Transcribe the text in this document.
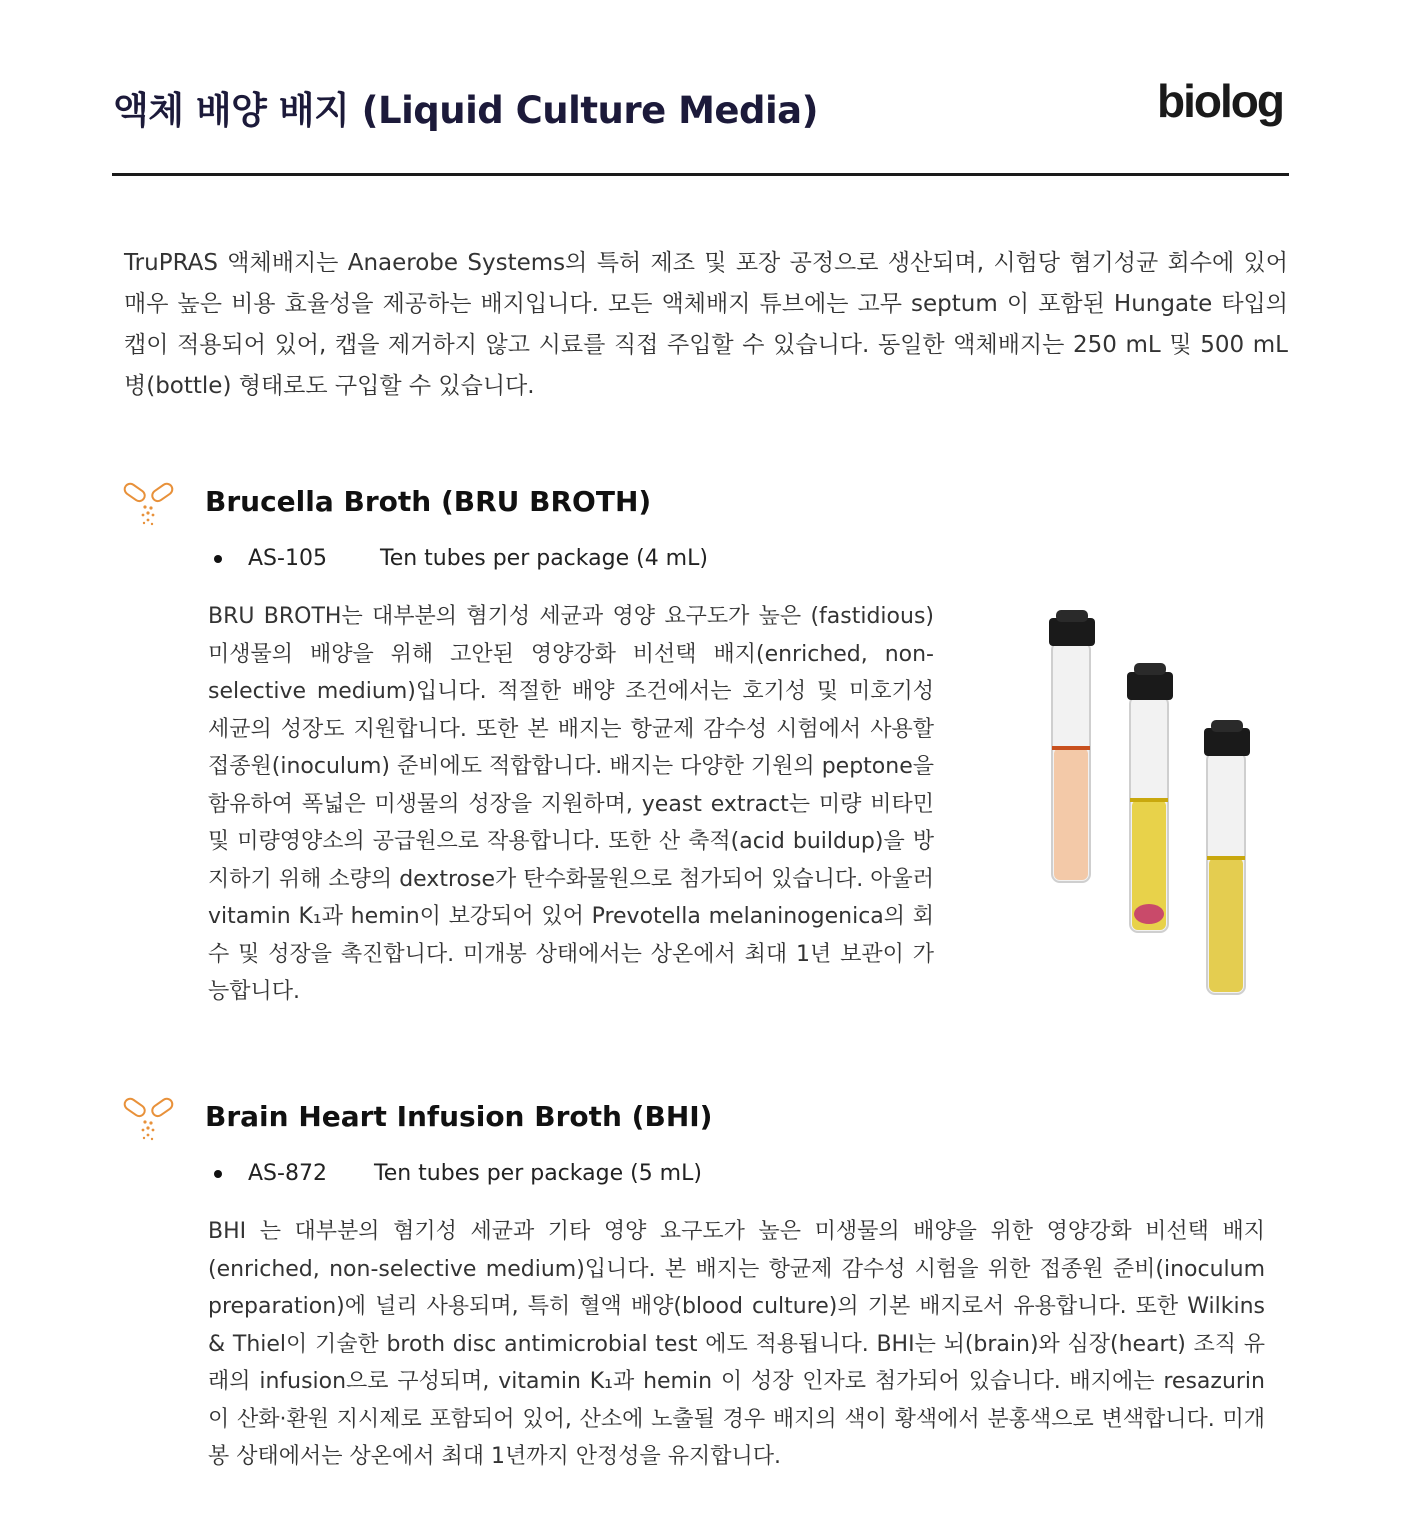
액체 배양 배지 (Liquid Culture Media)	biolog
TruPRAS 액체배지는 Anaerobe Systems의 특허 제조 및 포장 공정으로 생산되며, 시험당 혐기성균 회수에 있어 매우 높은 비용 효율성을 제공하는 배지입니다. 모든 액체배지 튜브에는 고무 septum 이 포함된 Hungate 타입의 캡이 적용되어 있어, 캡을 제거하지 않고 시료를 직접 주입할 수 있습니다. 동일한 액체배지는 250 mL 및 500 mL 병(bottle) 형태로도 구입할 수 있습니다.
Brucella Broth (BRU BROTH)
AS-105	Ten tubes per package (4 mL)
BRU BROTH는 대부분의 혐기성 세균과 영양 요구도가 높은 (fastidious) 미생물의 배양을 위해 고안된 영양강화 비선택 배지(enriched, non-selective medium)입니다. 적절한 배양 조건에서는 호기성 및 미호기성 세균의 성장도 지원합니다. 또한 본 배지는 항균제 감수성 시험에서 사용할 접종원(inoculum) 준비에도 적합합니다. 배지는 다양한 기원의 peptone을 함유하여 폭넓은 미생물의 성장을 지원하며, yeast extract는 미량 비타민 및 미량영양소의 공급원으로 작용합니다. 또한 산 축적(acid buildup)을 방지하기 위해 소량의 dextrose가 탄수화물원으로 첨가되어 있습니다. 아울러 vitamin K₁과 hemin이 보강되어 있어 Prevotella melaninogenica의 회수 및 성장을 촉진합니다. 미개봉 상태에서는 상온에서 최대 1년 보관이 가능합니다.
Brain Heart Infusion Broth (BHI)
AS-872	Ten tubes per package (5 mL)
BHI 는 대부분의 혐기성 세균과 기타 영양 요구도가 높은 미생물의 배양을 위한 영양강화 비선택 배지(enriched, non-selective medium)입니다. 본 배지는 항균제 감수성 시험을 위한 접종원 준비(inoculum preparation)에 널리 사용되며, 특히 혈액 배양(blood culture)의 기본 배지로서 유용합니다. 또한 Wilkins & Thiel이 기술한 broth disc antimicrobial test 에도 적용됩니다. BHI는 뇌(brain)와 심장(heart) 조직 유래의 infusion으로 구성되며, vitamin K₁과 hemin 이 성장 인자로 첨가되어 있습니다. 배지에는 resazurin 이 산화·환원 지시제로 포함되어 있어, 산소에 노출될 경우 배지의 색이 황색에서 분홍색으로 변색합니다. 미개봉 상태에서는 상온에서 최대 1년까지 안정성을 유지합니다.
